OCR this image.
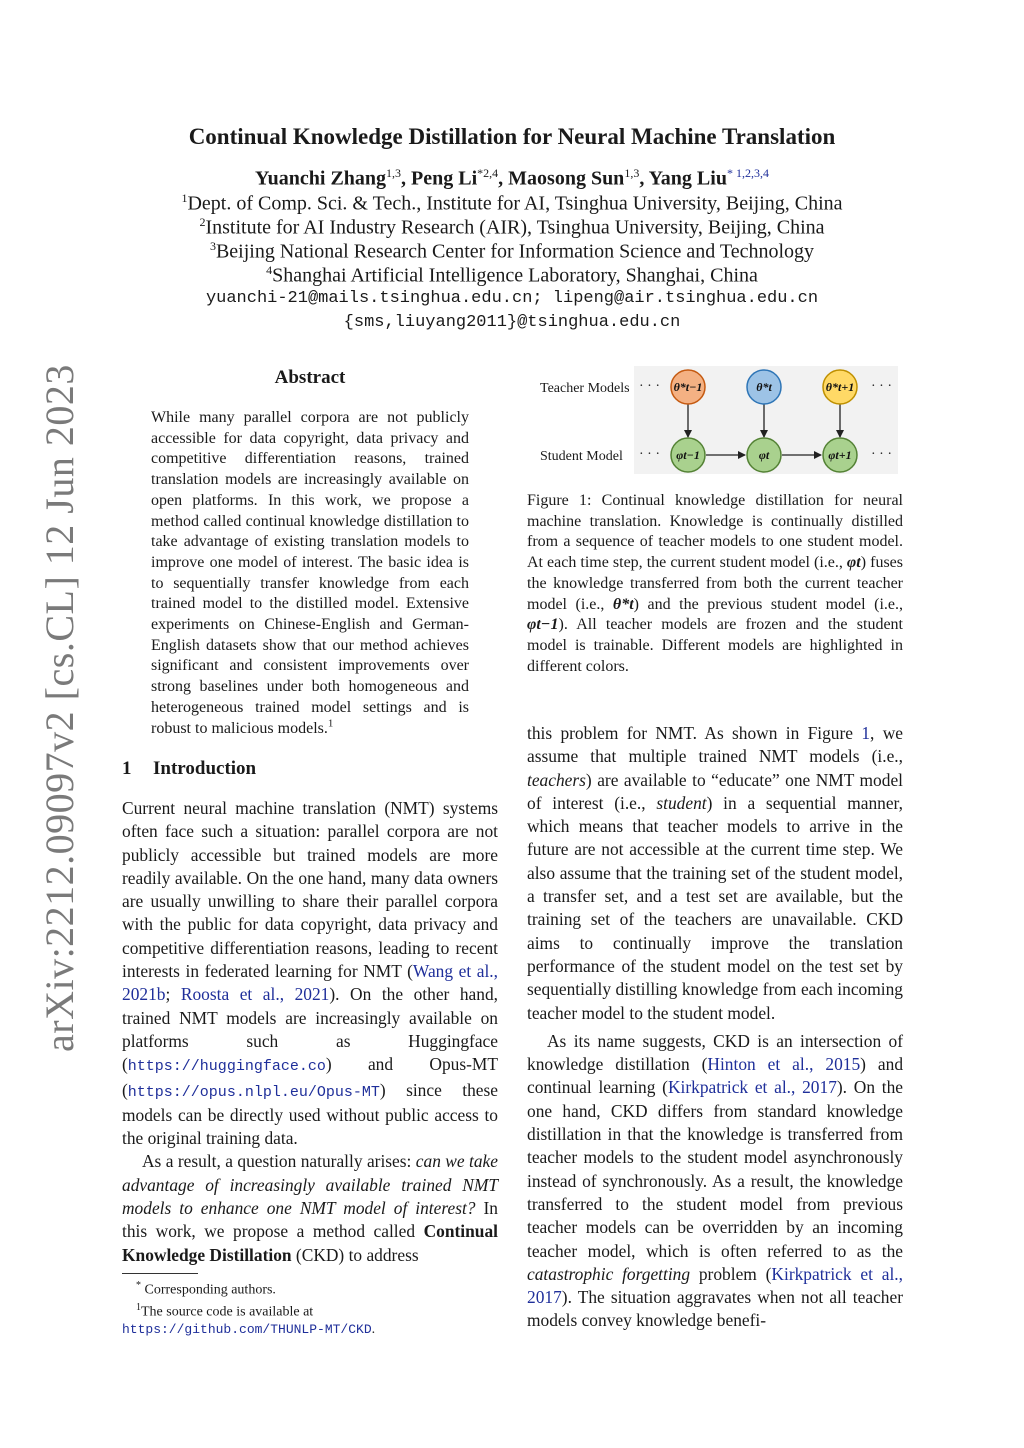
arXiv:2212.09097v2 [cs.CL] 12 Jun 2023
Continual Knowledge Distillation for Neural Machine Translation
Yuanchi Zhang$^{1,3}$, Peng Li$^{*2,4}$, Maosong Sun$^{1,3}$, Yang Liu$^{* 1,2,3,4}$
$^1$Dept. of Comp. Sci. & Tech., Institute for AI, Tsinghua University, Beijing, China
$^2$Institute for AI Industry Research (AIR), Tsinghua University, Beijing, China
$^3$Beijing National Research Center for Information Science and Technology
$^4$Shanghai Artificial Intelligence Laboratory, Shanghai, China
yuanchi-21@mails.tsinghua.edu.cn; lipeng@air.tsinghua.edu.cn
{sms,liuyang2011}@tsinghua.edu.cn
Abstract
While many parallel corpora are not publicly accessible for data copyright, data privacy and competitive differentiation reasons, trained translation models are increasingly available on open platforms. In this work, we propose a method called continual knowledge distillation to take advantage of existing translation models to improve one model of interest. The basic idea is to sequentially transfer knowledge from each trained model to the distilled model. Extensive experiments on Chinese-English and German-English datasets show that our method achieves significant and consistent improvements over strong baselines under both homogeneous and heterogeneous trained model settings and is robust to malicious models.$^1$
1 Introduction

Current neural machine translation (NMT) systems often face such a situation: parallel corpora are not publicly accessible but trained models are more readily available. On the one hand, many data owners are usually unwilling to share their parallel corpora with the public for data copyright, data privacy and competitive differentiation reasons, leading to recent interests in federated learning for NMT (Wang et al., 2021b; Roosta et al., 2021). On the other hand, trained NMT models are increasingly available on platforms such as Huggingface (https://huggingface.co) and Opus-MT (https://opus.nlpl.eu/Opus-MT) since these models can be directly used without public access to the original training data.

As a result, a question naturally arises: can we take advantage of increasingly available trained NMT models to enhance one NMT model of interest? In this work, we propose a method called Continual Knowledge Distillation (CKD) to address

* Corresponding authors.

$^1$The source code is available at https://github.com/THUNLP-MT/CKD.

Teacher Models
Student Model
· · ·
· · ·
· · ·
· · ·
θ*t−1	θ*t	θ*t+1
φt−1	φt	φt+1
Figure 1: Continual knowledge distillation for neural machine translation. Knowledge is continually distilled from a sequence of teacher models to one student model. At each time step, the current student model (i.e., φt) fuses the knowledge transferred from both the current teacher model (i.e., θ*t) and the previous student model (i.e., φt−1). All teacher models are frozen and the student model is trainable. Different models are highlighted in different colors.

this problem for NMT. As shown in Figure 1, we assume that multiple trained NMT models (i.e., teachers) are available to “educate” one NMT model of interest (i.e., student) in a sequential manner, which means that teacher models to arrive in the future are not accessible at the current time step. We also assume that the training set of the student model, a transfer set, and a test set are available, but the training set of the teachers are unavailable. CKD aims to continually improve the translation performance of the student model on the test set by sequentially distilling knowledge from each incoming teacher model to the student model.

As its name suggests, CKD is an intersection of knowledge distillation (Hinton et al., 2015) and continual learning (Kirkpatrick et al., 2017). On the one hand, CKD differs from standard knowledge distillation in that the knowledge is transferred from teacher models to the student model asynchronously instead of synchronously. As a result, the knowledge transferred to the student model from previous teacher models can be overridden by an incoming teacher model, which is often referred to as the catastrophic forgetting problem (Kirkpatrick et al., 2017). The situation aggravates when not all teacher models convey knowledge benefi-
